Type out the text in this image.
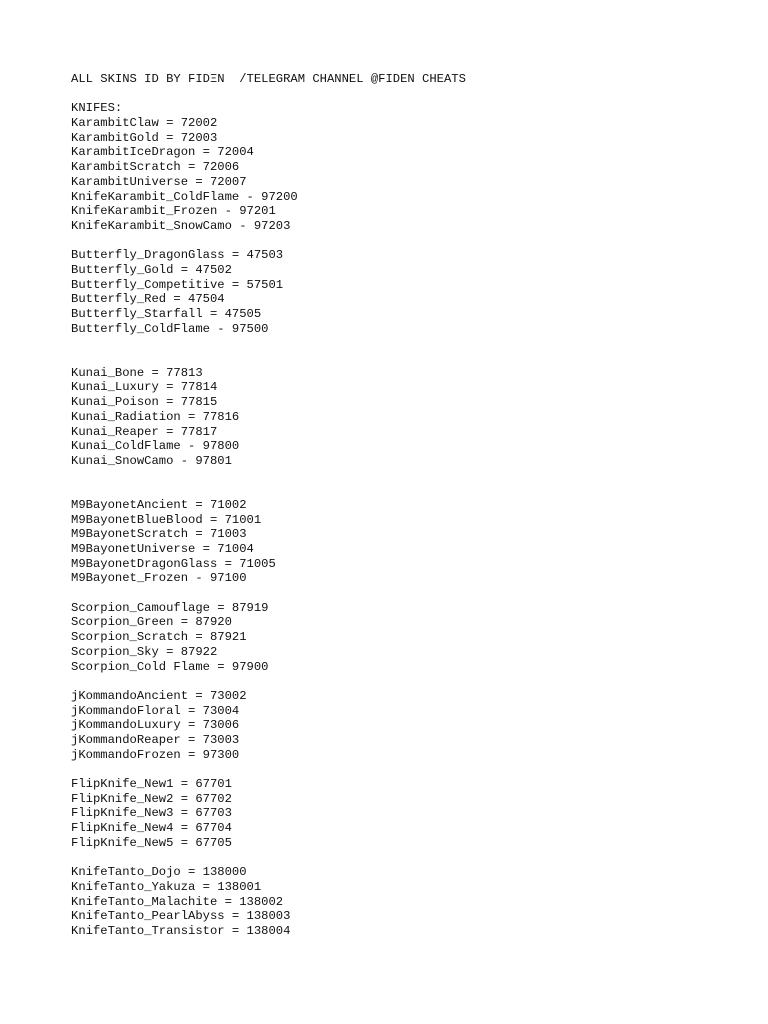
ALL SKINS ID BY FIDΞN  /TELEGRAM CHANNEL @FIDEN CHEATS
KNIFES:
KarambitClaw = 72002
KarambitGold = 72003
KarambitIceDragon = 72004
KarambitScratch = 72006
KarambitUniverse = 72007
KnifeKarambit_ColdFlame - 97200
KnifeKarambit_Frozen - 97201
KnifeKarambit_SnowCamo - 97203
Butterfly_DragonGlass = 47503
Butterfly_Gold = 47502
Butterfly_Competitive = 57501
Butterfly_Red = 47504
Butterfly_Starfall = 47505
Butterfly_ColdFlame - 97500
Kunai_Bone = 77813
Kunai_Luxury = 77814
Kunai_Poison = 77815
Kunai_Radiation = 77816
Kunai_Reaper = 77817
Kunai_ColdFlame - 97800
Kunai_SnowCamo - 97801
M9BayonetAncient = 71002
M9BayonetBlueBlood = 71001
M9BayonetScratch = 71003
M9BayonetUniverse = 71004
M9BayonetDragonGlass = 71005
M9Bayonet_Frozen - 97100
Scorpion_Camouflage = 87919
Scorpion_Green = 87920
Scorpion_Scratch = 87921
Scorpion_Sky = 87922
Scorpion_Cold Flame = 97900
jKommandoAncient = 73002
jKommandoFloral = 73004
jKommandoLuxury = 73006
jKommandoReaper = 73003
jKommandoFrozen = 97300
FlipKnife_New1 = 67701
FlipKnife_New2 = 67702
FlipKnife_New3 = 67703
FlipKnife_New4 = 67704
FlipKnife_New5 = 67705
KnifeTanto_Dojo = 138000
KnifeTanto_Yakuza = 138001
KnifeTanto_Malachite = 138002
KnifeTanto_PearlAbyss = 138003
KnifeTanto_Transistor = 138004
